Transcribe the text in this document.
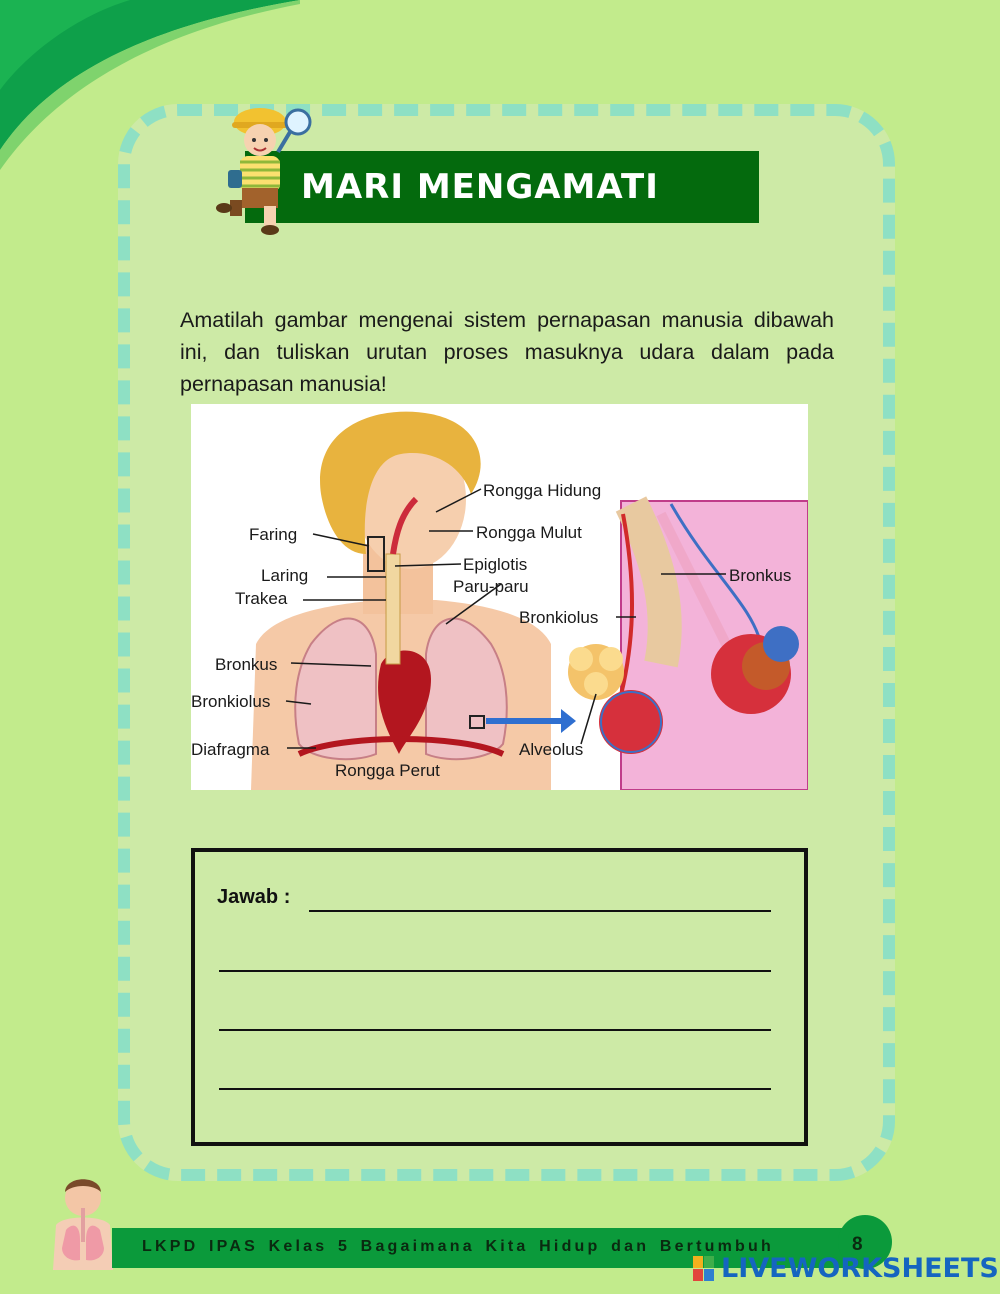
MARI MENGAMATI

Amatilah gambar mengenai sistem pernapasan manusia dibawah ini, dan tuliskan urutan proses masuknya udara dalam pada pernapasan manusia!

Rongga Hidung
Faring	Rongga Mulut
Epiglotis
Laring
Paru-paru
Trakea
Bronkus
Bronkiolus
Bronkus
Bronkiolus
Diafragma	Alveolus
Rongga Perut
Jawab :
LKPD IPAS Kelas 5 Bagaimana Kita Hidup dan Bertumbuh	8
LIVEWORKSHEETS
